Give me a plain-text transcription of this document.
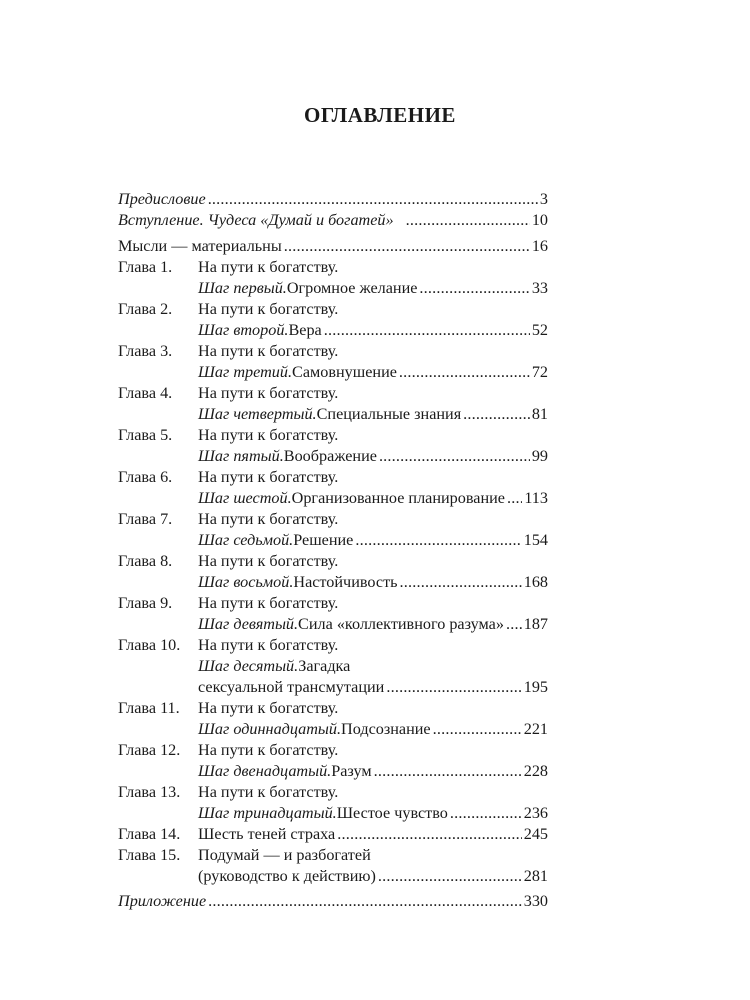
ОГЛАВЛЕНИЕ
Предисловие .....	3
Вступление. Чудеса «Думай и богатей» .....	10
Мысли — материальны .....	16
Глава 1.	На пути к богатству.
Шаг первый. Огромное желание .....	33
Глава 2.	На пути к богатству.
Шаг второй. Вера .....	52
Глава 3.	На пути к богатству.
Шаг третий. Самовнушение .....	72
Глава 4.	На пути к богатству.
Шаг четвертый. Специальные знания .....	81
Глава 5.	На пути к богатству.
Шаг пятый. Воображение .....	99
Глава 6.	На пути к богатству.
Шаг шестой. Организованное планирование ..... 113
Глава 7.	На пути к богатству.
Шаг седьмой. Решение .....	154
Глава 8.	На пути к богатству.
Шаг восьмой. Настойчивость .....	168
Глава 9.	На пути к богатству.
Шаг девятый. Сила «коллективного разума» ..... 187
Глава 10.	На пути к богатству.
Шаг десятый. Загадка
сексуальной трансмутации .....	195
Глава 11.	На пути к богатству.
Шаг одиннадцатый. Подсознание .....	221
Глава 12.	На пути к богатству.
Шаг двенадцатый. Разум .....	228
Глава 13.	На пути к богатству.
Шаг тринадцатый. Шестое чувство .....	236
Глава 14.	Шесть теней страха .....	245
Глава 15.	Подумай — и разбогатей
(руководство к действию) .....	281
Приложение .....	330
